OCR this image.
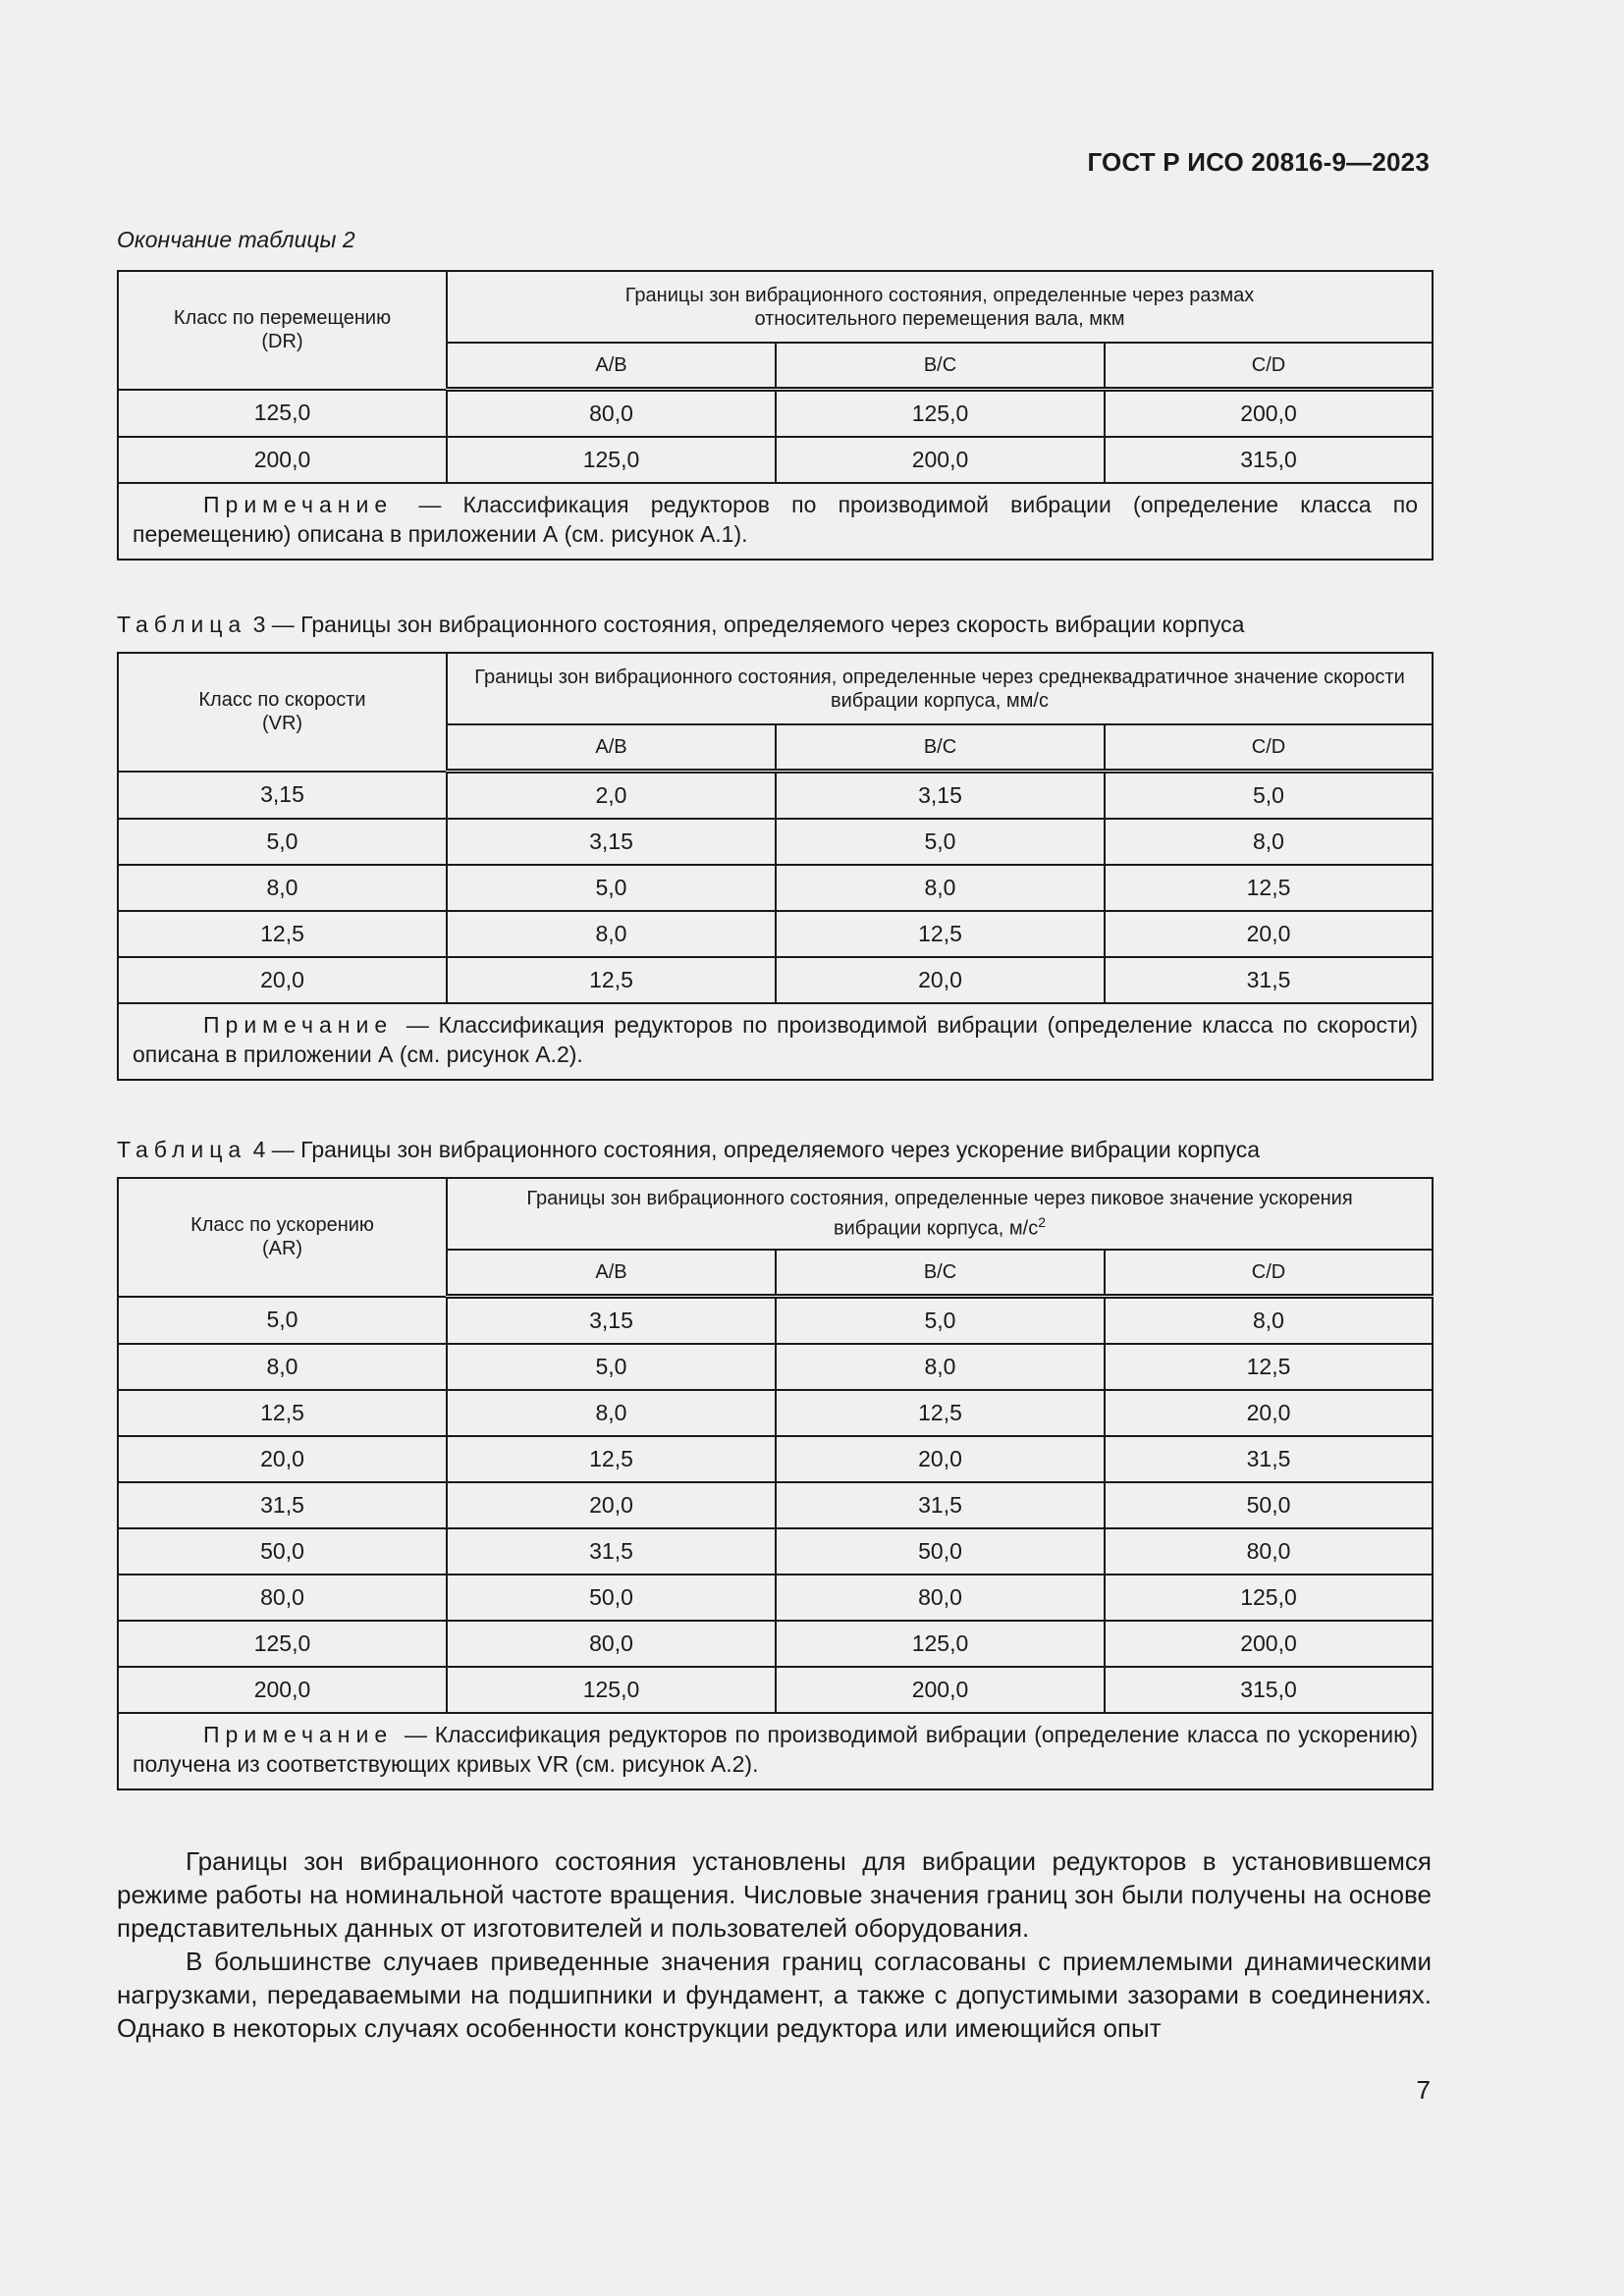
ГОСТ Р ИСО 20816-9—2023
Окончание таблицы 2
Класс по перемещению (DR)	Границы зон вибрационного состояния, определенные через размах относительного перемещения вала, мкм		
	A/B	B/C	C/D
125,0	80,0	125,0	200,0
200,0	125,0	200,0	315,0
Примечание — Классификация редукторов по производимой вибрации (определение класса по перемещению) описана в приложении А (см. рисунок А.1).			
Таблица 3 — Границы зон вибрационного состояния, определяемого через скорость вибрации корпуса
Класс по скорости (VR)	Границы зон вибрационного состояния, определенные через среднеквадратичное значение скорости вибрации корпуса, мм/с		
	A/B	B/C	C/D
3,15	2,0	3,15	5,0
5,0	3,15	5,0	8,0
8,0	5,0	8,0	12,5
12,5	8,0	12,5	20,0
20,0	12,5	20,0	31,5
Примечание — Классификация редукторов по производимой вибрации (определение класса по скорости) описана в приложении А (см. рисунок А.2).			
Таблица 4 — Границы зон вибрационного состояния, определяемого через ускорение вибрации корпуса
Класс по ускорению (AR)	Границы зон вибрационного состояния, определенные через пиковое значение ускорения вибрации корпуса, $м/с^2$
	A/B	B/C	C/D
5,0	3,15	5,0	8,0
8,0	5,0	8,0	12,5
12,5	8,0	12,5	20,0
20,0	12,5	20,0	31,5
31,5	20,0	31,5	50,0
50,0	31,5	50,0	80,0
80,0	50,0	80,0	125,0
125,0	80,0	125,0	200,0
200,0	125,0	200,0	315,0
Примечание — Классификация редукторов по производимой вибрации (определение класса по ускорению) получена из соответствующих кривых VR (см. рисунок А.2).			

Границы зон вибрационного состояния установлены для вибрации редукторов в установившемся режиме работы на номинальной частоте вращения. Числовые значения границ зон были получены на основе представительных данных от изготовителей и пользователей оборудования.

В большинстве случаев приведенные значения границ согласованы с приемлемыми динамическими нагрузками, передаваемыми на подшипники и фундамент, а также с допустимыми зазорами в соединениях. Однако в некоторых случаях особенности конструкции редуктора или имеющийся опыт

7
